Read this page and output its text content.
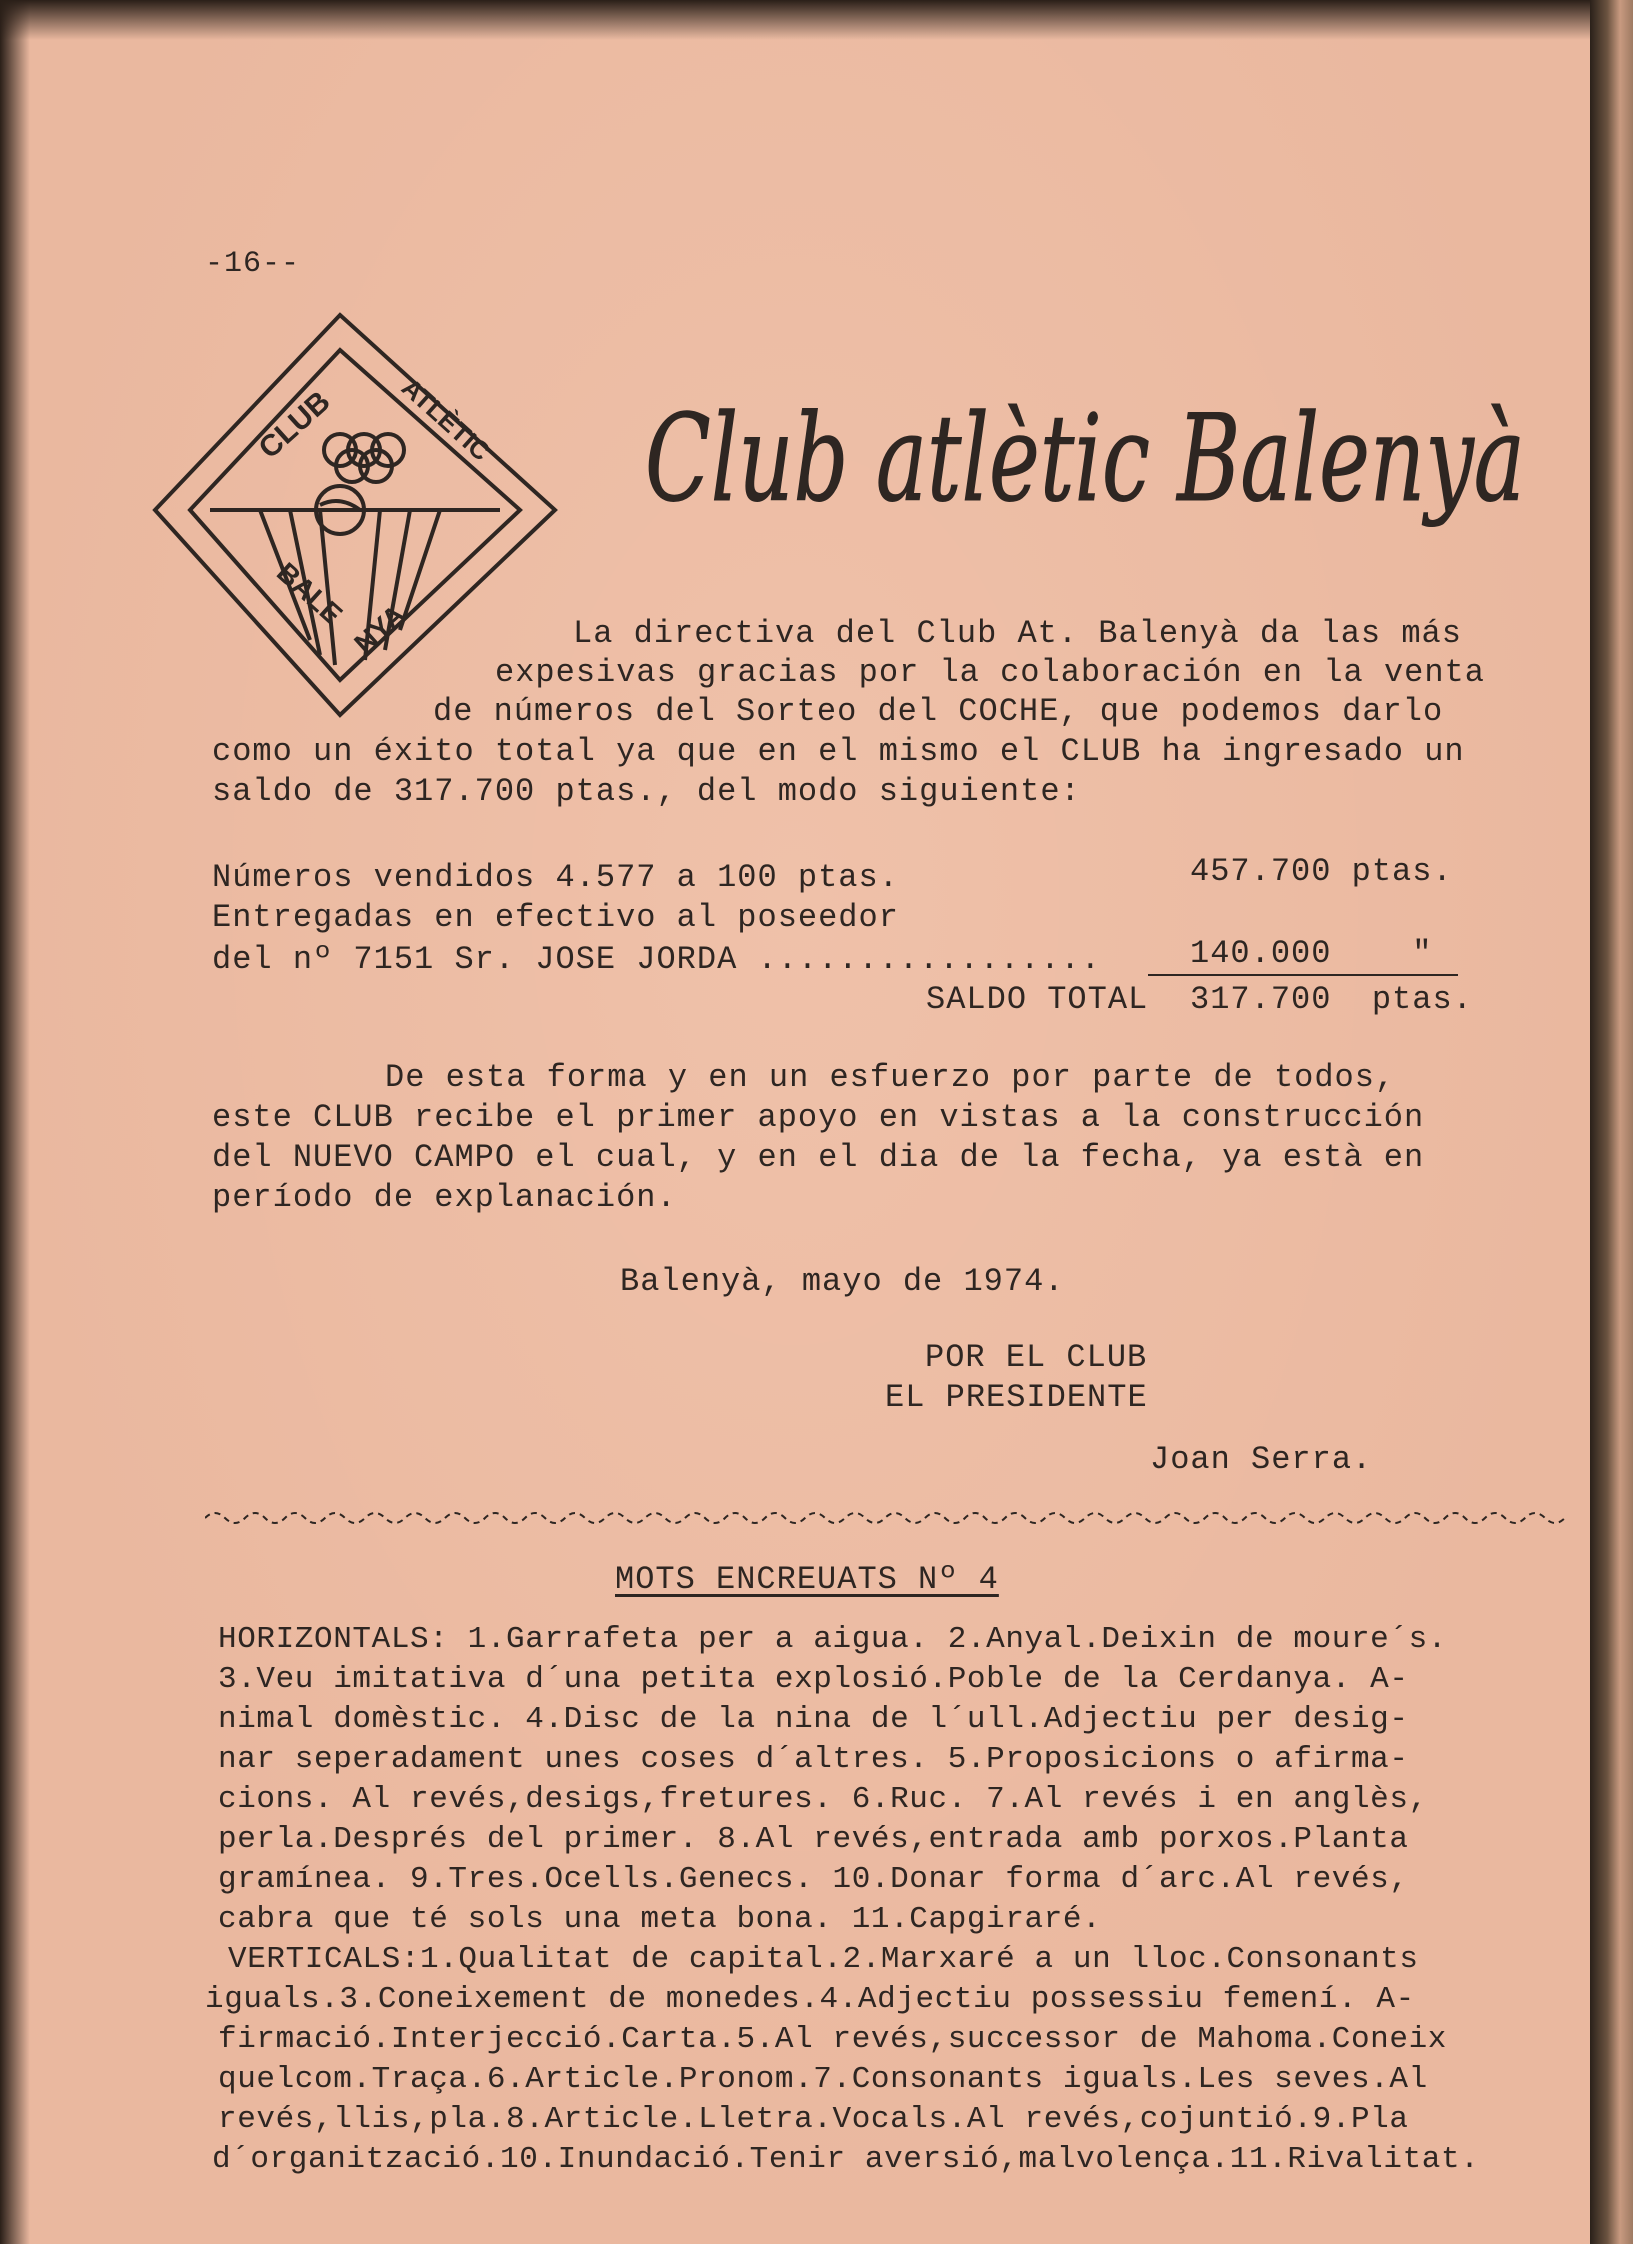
-16--
CLUB ATLÈTIC
BALE NYA
Club atlètic Balenyà
La directiva del Club At. Balenyà da las más
expesivas gracias por la colaboración en la venta
de números del Sorteo del COCHE, que podemos darlo
como un éxito total ya que en el mismo el CLUB ha ingresado un
saldo de 317.700 ptas., del modo siguiente:
Números vendidos 4.577 a 100 ptas.	457.700 ptas.
Entregadas en efectivo al poseedor
del nº 7151 Sr. JOSE JORDA .................	140.000    "
SALDO TOTAL 317.700  ptas.
De esta forma y en un esfuerzo por parte de todos,
este CLUB recibe el primer apoyo en vistas a la construcción
del NUEVO CAMPO el cual, y en el dia de la fecha, ya està en
período de explanación.
Balenyà, mayo de 1974.
POR EL CLUB
EL PRESIDENTE
Joan Serra.
MOTS ENCREUATS Nº 4
HORIZONTALS: 1.Garrafeta per a aigua. 2.Anyal.Deixin de moure´s.
3.Veu imitativa d´una petita explosió.Poble de la Cerdanya. A-
nimal domèstic. 4.Disc de la nina de l´ull.Adjectiu per desig-
nar seperadament unes coses d´altres. 5.Proposicions o afirma-
cions. Al revés,desigs,fretures. 6.Ruc. 7.Al revés i en anglès,
perla.Després del primer. 8.Al revés,entrada amb porxos.Planta
gramínea. 9.Tres.Ocells.Genecs. 10.Donar forma d´arc.Al revés,
cabra que té sols una meta bona. 11.Capgiraré.
VERTICALS:1.Qualitat de capital.2.Marxaré a un lloc.Consonants
iguals.3.Coneixement de monedes.4.Adjectiu possessiu femení. A-
firmació.Interjecció.Carta.5.Al revés,successor de Mahoma.Coneix
quelcom.Traça.6.Article.Pronom.7.Consonants iguals.Les seves.Al
revés,llis,pla.8.Article.Lletra.Vocals.Al revés,cojuntió.9.Pla
d´organització.10.Inundació.Tenir aversió,malvolença.11.Rivalitat.
